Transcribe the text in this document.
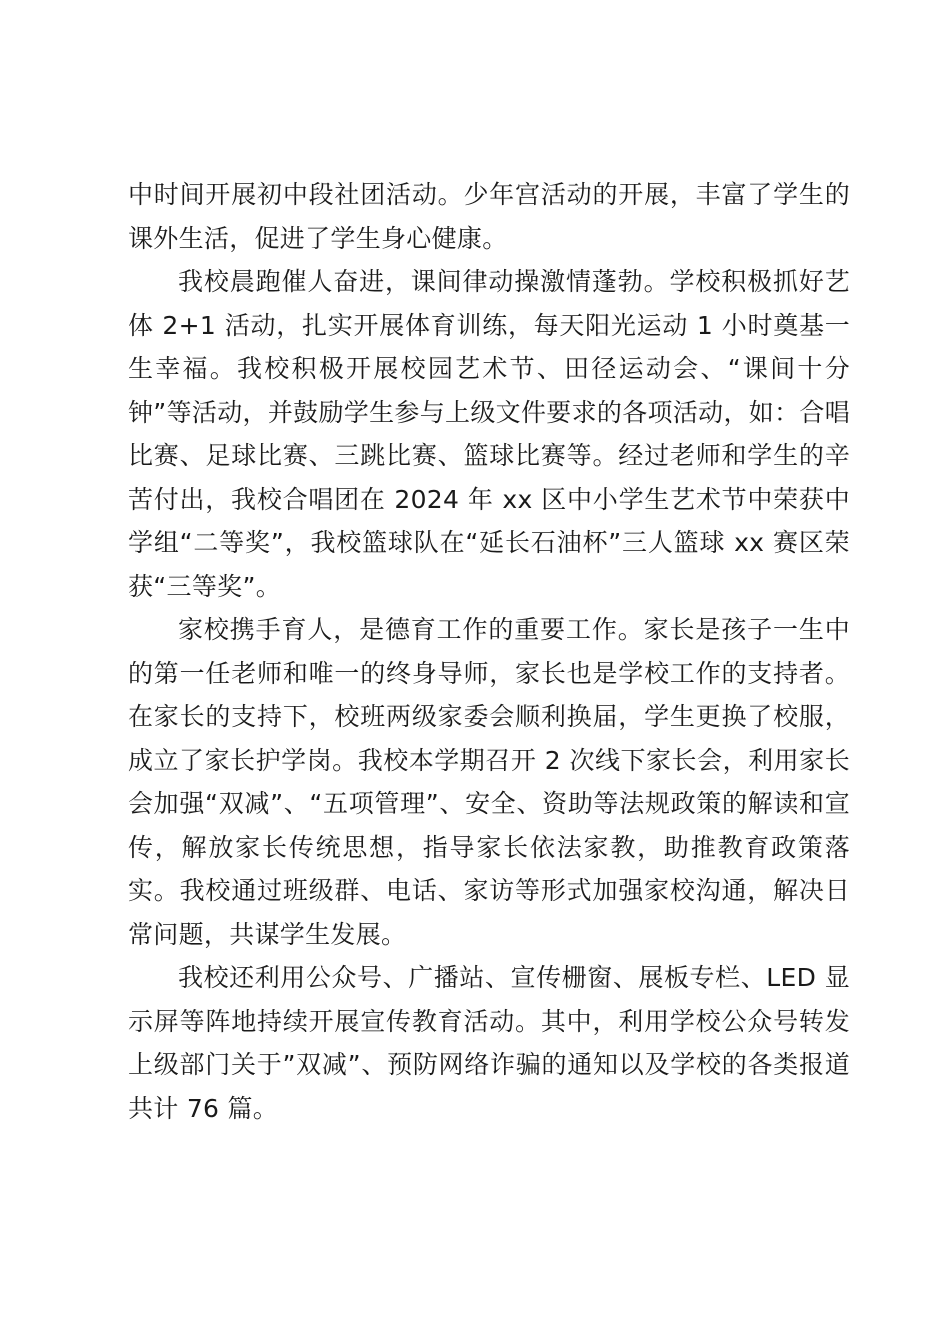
中时间开展初中段社团活动。少年宫活动的开展，丰富了学生的课外生活，促进了学生身心健康。

我校晨跑催人奋进，课间律动操激情蓬勃。学校积极抓好艺体 2+1 活动，扎实开展体育训练，每天阳光运动 1 小时奠基一生幸福。我校积极开展校园艺术节、田径运动会、“课间十分钟”等活动，并鼓励学生参与上级文件要求的各项活动，如：合唱比赛、足球比赛、三跳比赛、篮球比赛等。经过老师和学生的辛苦付出，我校合唱团在 2024 年 xx 区中小学生艺术节中荣获中学组“二等奖”，我校篮球队在“延长石油杯”三人篮球 xx 赛区荣获“三等奖”。

家校携手育人，是德育工作的重要工作。家长是孩子一生中的第一任老师和唯一的终身导师，家长也是学校工作的支持者。在家长的支持下，校班两级家委会顺利换届，学生更换了校服，成立了家长护学岗。我校本学期召开 2 次线下家长会，利用家长会加强“双减”、“五项管理”、安全、资助等法规政策的解读和宣传，解放家长传统思想，指导家长依法家教，助推教育政策落实。我校通过班级群、电话、家访等形式加强家校沟通，解决日常问题，共谋学生发展。

我校还利用公众号、广播站、宣传栅窗、展板专栏、LED 显示屏等阵地持续开展宣传教育活动。其中，利用学校公众号转发上级部门关于”双减”、预防网络诈骗的通知以及学校的各类报道共计 76 篇。
